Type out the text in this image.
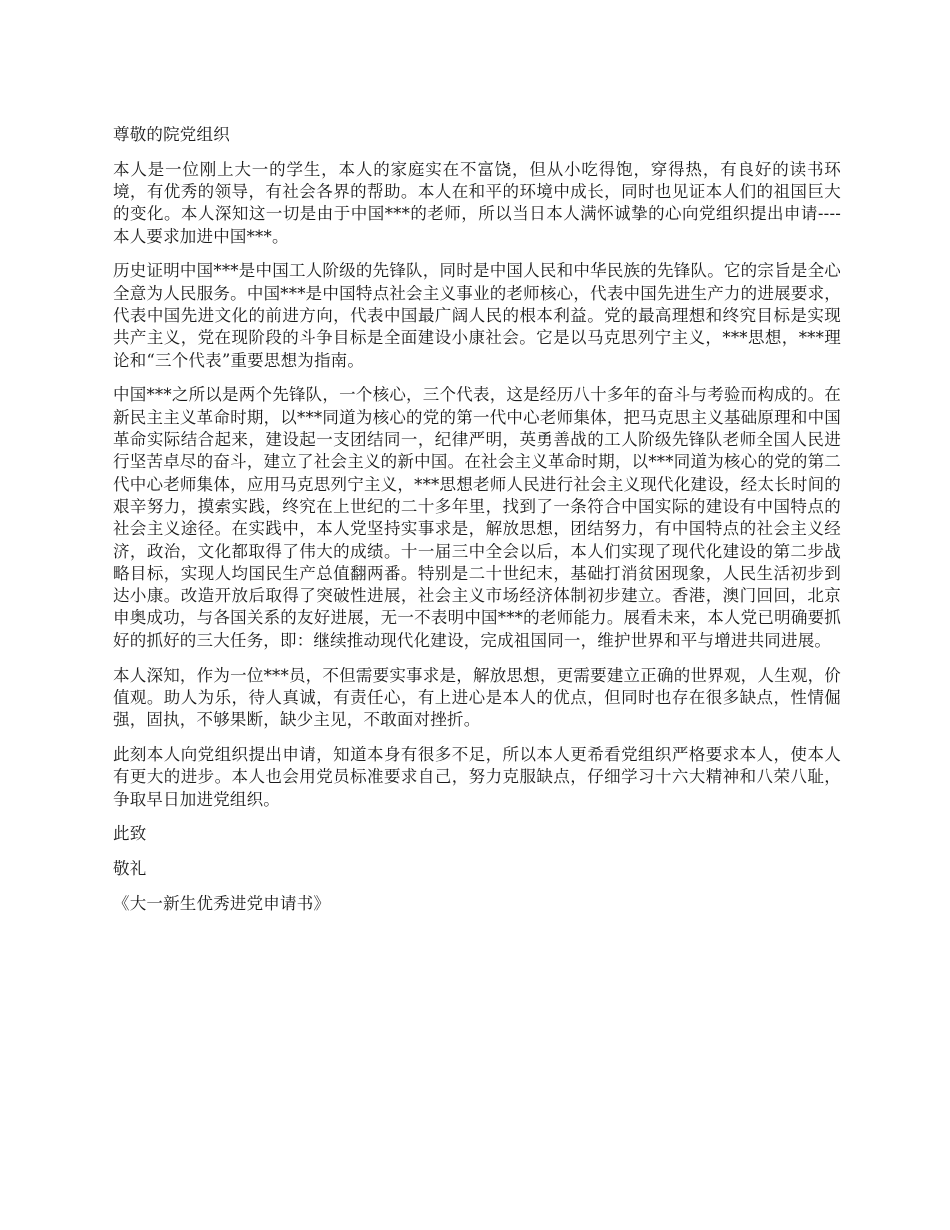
尊敬的院党组织

本人是一位刚上大一的学生，本人的家庭实在不富饶，但从小吃得饱，穿得热，有良好的读书环境，有优秀的领导，有社会各界的帮助。本人在和平的环境中成长，同时也见证本人们的祖国巨大的变化。本人深知这一切是由于中国***的老师，所以当日本人满怀诚挚的心向党组织提出申请----本人要求加进中国***。

历史证明中国***是中国工人阶级的先锋队，同时是中国人民和中华民族的先锋队。它的宗旨是全心全意为人民服务。中国***是中国特点社会主义事业的老师核心，代表中国先进生产力的进展要求，代表中国先进文化的前进方向，代表中国最广阔人民的根本利益。党的最高理想和终究目标是实现共产主义，党在现阶段的斗争目标是全面建设小康社会。它是以马克思列宁主义，***思想，***理论和“三个代表”重要思想为指南。

中国***之所以是两个先锋队，一个核心，三个代表，这是经历八十多年的奋斗与考验而构成的。在新民主主义革命时期，以***同道为核心的党的第一代中心老师集体，把马克思主义基础原理和中国革命实际结合起来，建设起一支团结同一，纪律严明，英勇善战的工人阶级先锋队老师全国人民进行坚苦卓尽的奋斗，建立了社会主义的新中国。在社会主义革命时期，以***同道为核心的党的第二代中心老师集体，应用马克思列宁主义，***思想老师人民进行社会主义现代化建设，经太长时间的艰辛努力，摸索实践，终究在上世纪的二十多年里，找到了一条符合中国实际的建设有中国特点的社会主义途径。在实践中，本人党坚持实事求是，解放思想，团结努力，有中国特点的社会主义经济，政治，文化都取得了伟大的成绩。十一届三中全会以后，本人们实现了现代化建设的第二步战略目标，实现人均国民生产总值翻两番。特别是二十世纪末，基础打消贫困现象，人民生活初步到达小康。改造开放后取得了突破性进展，社会主义市场经济体制初步建立。香港，澳门回回，北京申奥成功，与各国关系的友好进展，无一不表明中国***的老师能力。展看未来，本人党已明确要抓好的抓好的三大任务，即：继续推动现代化建设，完成祖国同一，维护世界和平与增进共同进展。

本人深知，作为一位***员，不但需要实事求是，解放思想，更需要建立正确的世界观，人生观，价值观。助人为乐，待人真诚，有责任心，有上进心是本人的优点，但同时也存在很多缺点，性情倔强，固执，不够果断，缺少主见，不敢面对挫折。

此刻本人向党组织提出申请，知道本身有很多不足，所以本人更希看党组织严格要求本人，使本人有更大的进步。本人也会用党员标准要求自己，努力克服缺点，仔细学习十六大精神和八荣八耻，争取早日加进党组织。

此致

敬礼

《大一新生优秀进党申请书》
